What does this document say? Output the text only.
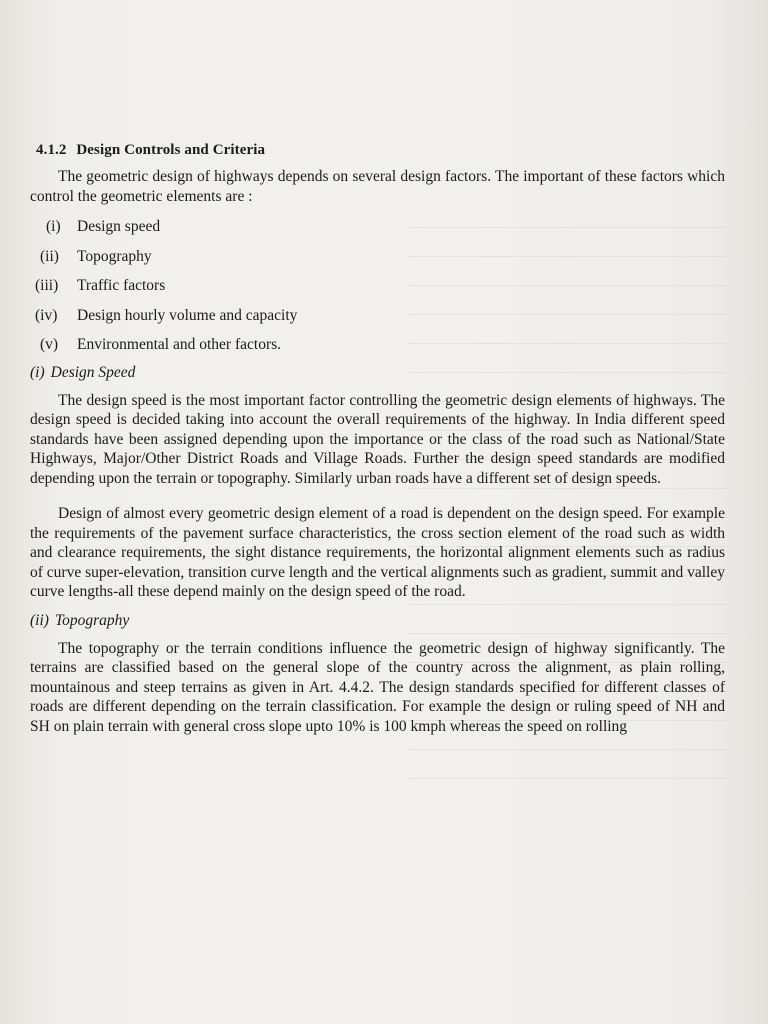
4.1.2 Design Controls and Criteria

The geometric design of highways depends on several design factors. The important of these factors which control the geometric elements are :

(i)	Design speed
(ii)	Topography
(iii)	Traffic factors
(iv)	Design hourly volume and capacity
(v)	Environmental and other factors.
(i) Design Speed

The design speed is the most important factor controlling the geometric design elements of highways. The design speed is decided taking into account the overall requirements of the highway. In India different speed standards have been assigned depending upon the importance or the class of the road such as National/State Highways, Major/Other District Roads and Village Roads. Further the design speed standards are modified depending upon the terrain or topography. Similarly urban roads have a different set of design speeds.

Design of almost every geometric design element of a road is dependent on the design speed. For example the requirements of the pavement surface characteristics, the cross section element of the road such as width and clearance requirements, the sight distance requirements, the horizontal alignment elements such as radius of curve super-elevation, transition curve length and the vertical alignments such as gradient, summit and valley curve lengths-all these depend mainly on the design speed of the road.

(ii) Topography

The topography or the terrain conditions influence the geometric design of highway significantly. The terrains are classified based on the general slope of the country across the alignment, as plain rolling, mountainous and steep terrains as given in Art. 4.4.2. The design standards specified for different classes of roads are different depending on the terrain classification. For example the design or ruling speed of NH and SH on plain terrain with general cross slope upto 10% is 100 kmph whereas the speed on rolling
